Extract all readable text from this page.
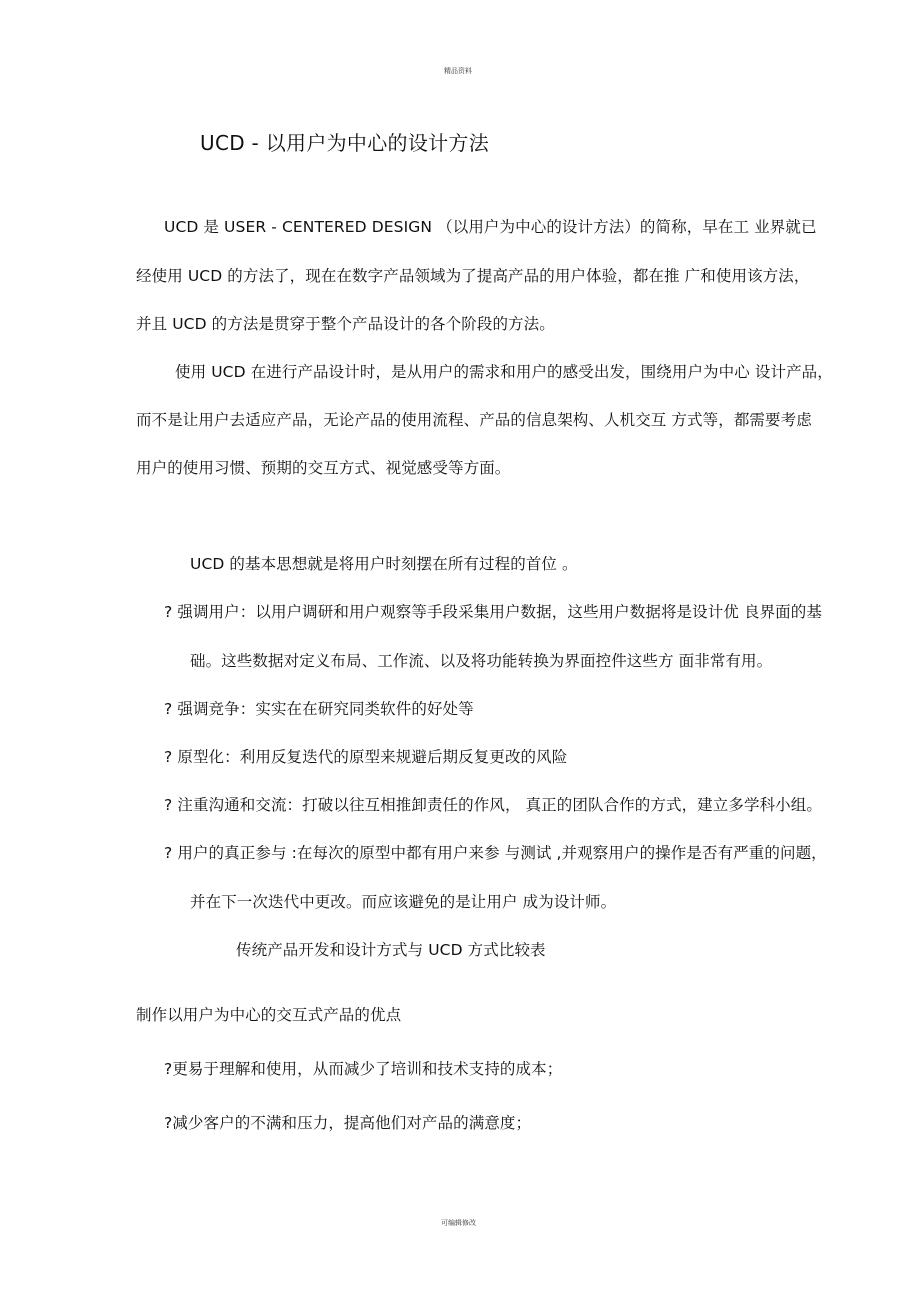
精品资料
UCD - 以用户为中心的设计方法
UCD 是 USER - CENTERED DESIGN （以用户为中心的设计方法）的简称，早在工 业界就已
经使用 UCD 的方法了，现在在数字产品领域为了提高产品的用户体验，都在推 广和使用该方法，
并且 UCD 的方法是贯穿于整个产品设计的各个阶段的方法。
使用 UCD 在进行产品设计时，是从用户的需求和用户的感受出发，围绕用户为中心 设计产品，
而不是让用户去适应产品，无论产品的使用流程、产品的信息架构、人机交互 方式等，都需要考虑
用户的使用习惯、预期的交互方式、视觉感受等方面。
UCD 的基本思想就是将用户时刻摆在所有过程的首位 。
? 强调用户：以用户调研和用户观察等手段采集用户数据，这些用户数据将是设计优 良界面的基
础。这些数据对定义布局、工作流、以及将功能转换为界面控件这些方 面非常有用。
? 强调竞争：实实在在研究同类软件的好处等
? 原型化：利用反复迭代的原型来规避后期反复更改的风险
? 注重沟通和交流：打破以往互相推卸责任的作风， 真正的团队合作的方式，建立多学科小组。
? 用户的真正参与 :在每次的原型中都有用户来参 与测试 ,并观察用户的操作是否有严重的问题，
并在下一次迭代中更改。而应该避免的是让用户 成为设计师。
传统产品开发和设计方式与 UCD 方式比较表
制作以用户为中心的交互式产品的优点
?更易于理解和使用，从而减少了培训和技术支持的成本；
?减少客户的不满和压力，提高他们对产品的满意度；
可编辑修改
